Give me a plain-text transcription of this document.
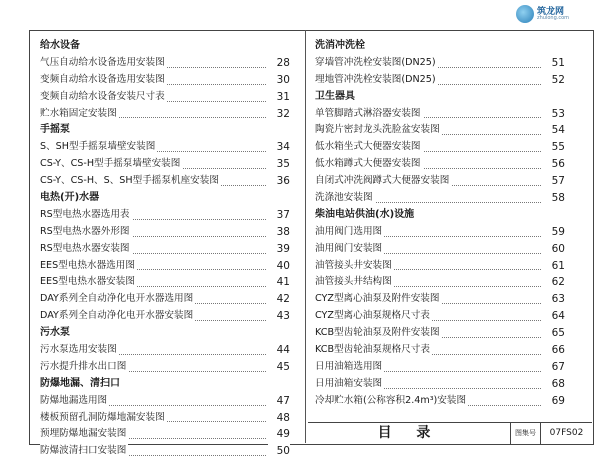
筑龙网
zhulong.com
给水设备
气压自动给水设备选用安装图	28
变频自动给水设备选用安装图	30
变频自动给水设备安装尺寸表	31
贮水箱固定安装图	32
手摇泵
S、SH型手摇泵墙壁安装图	34
CS-Y、CS-H型手摇泵墙壁安装图	35
CS-Y、CS-H、S、SH型手摇泵机座安装图	36
电热(开)水器
RS型电热水器选用表	37
RS型电热水器外形图	38
RS型电热水器安装图	39
EES型电热水器选用图	40
EES型电热水器安装图	41
DAY系列全自动净化电开水器选用图	42
DAY系列全自动净化电开水器安装图	43
污水泵
污水泵选用安装图	44
污水提升排水出口图	45
防爆地漏、清扫口
防爆地漏选用图	47
楼板预留孔洞防爆地漏安装图	48
预埋防爆地漏安装图	49
防爆波清扫口安装图	50
洗消冲洗栓
穿墙管冲洗栓安装图(DN25)	51
埋地管冲洗栓安装图(DN25)	52
卫生器具
单管脚踏式淋浴器安装图	53
陶瓷片密封龙头洗脸盆安装图	54
低水箱坐式大便器安装图	55
低水箱蹲式大便器安装图	56
自闭式冲洗阀蹲式大便器安装图	57
洗涤池安装图	58
柴油电站供油(水)设施
油用阀门选用图	59
油用阀门安装图	60
油管接头井安装图	61
油管接头井结构图	62
CYZ型离心油泵及附件安装图	63
CYZ型离心油泵规格尺寸表	64
KCB型齿轮油泵及附件安装图	65
KCB型齿轮油泵规格尺寸表	66
日用油箱选用图	67
日用油箱安装图	68
冷却贮水箱(公称容积2.4m³)安装图	69
目 录	图集号	07FS02
